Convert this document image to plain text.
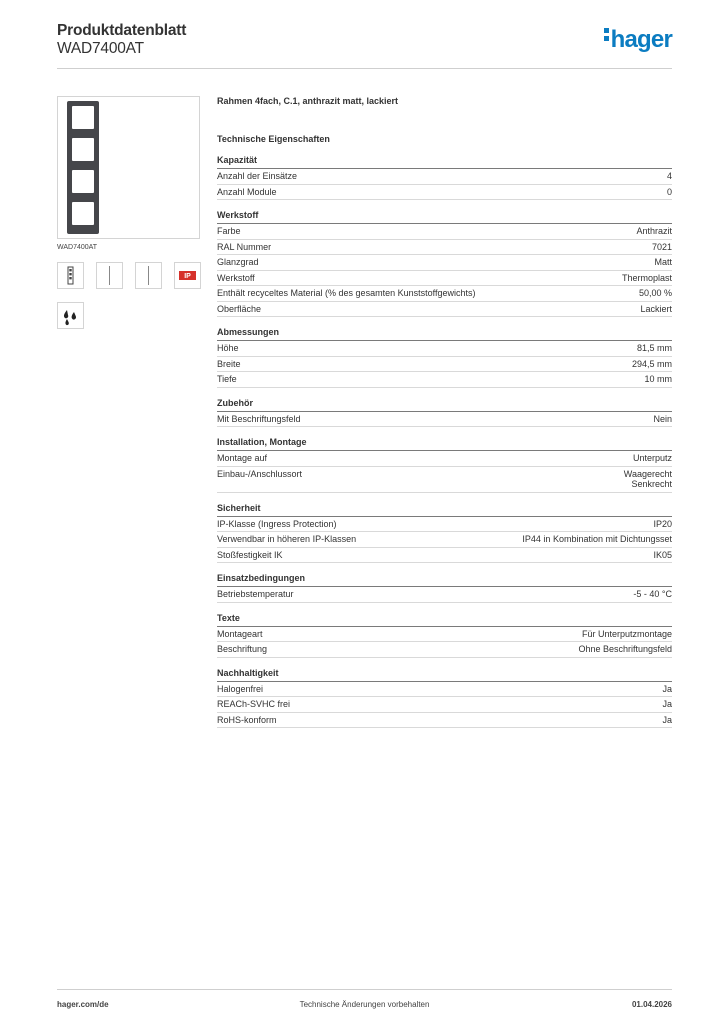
Produktdatenblatt
WAD7400AT	hager
WAD7400AT
IP
Rahmen 4fach, C.1, anthrazit matt, lackiert
Technische Eigenschaften
Kapazität
Anzahl der Einsätze	4
Anzahl Module	0
Werkstoff
Farbe	Anthrazit
RAL Nummer	7021
Glanzgrad	Matt
Werkstoff	Thermoplast
Enthält recyceltes Material (% des gesamten Kunststoffgewichts)	50,00 %
Oberfläche	Lackiert
Abmessungen
Höhe	81,5 mm
Breite	294,5 mm
Tiefe	10 mm
Zubehör
Mit Beschriftungsfeld	Nein
Installation, Montage
Montage auf	Unterputz
Einbau-/Anschlussort	Waagerecht
Senkrecht
Sicherheit
IP-Klasse (Ingress Protection)	IP20
Verwendbar in höheren IP-Klassen	IP44 in Kombination mit Dichtungsset
Stoßfestigkeit IK	IK05
Einsatzbedingungen
Betriebstemperatur	-5 - 40 °C
Texte
Montageart	Für Unterputzmontage
Beschriftung	Ohne Beschriftungsfeld
Nachhaltigkeit
Halogenfrei	Ja
REACh-SVHC frei	Ja
RoHS-konform	Ja
hager.com/de	Technische Änderungen vorbehalten	01.04.2026
